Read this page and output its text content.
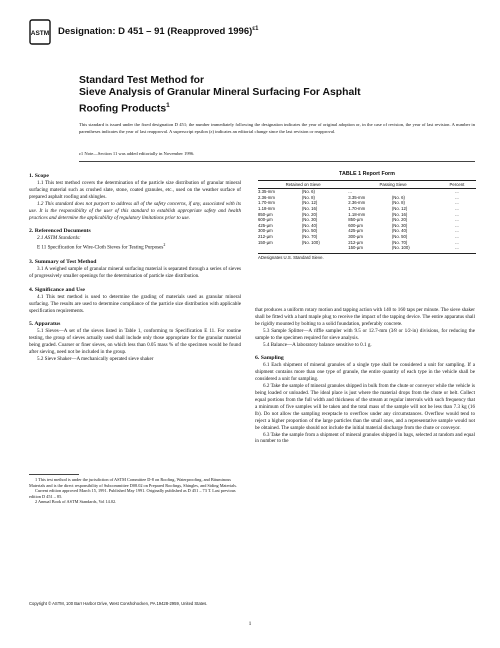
ASTM Designation: D 451 – 91 (Reapproved 1996)$^{\varepsilon 1}$
Standard Test Method for
Sieve Analysis of Granular Mineral Surfacing For Asphalt
Roofing Products$^1$
This standard is issued under the fixed designation D 451; the number immediately following the designation indicates the year of original adoption or, in the case of revision, the year of last revision. A number in parentheses indicates the year of last reapproval. A superscript epsilon (ε) indicates an editorial change since the last revision or reapproval.
ε1 Note—Section 11 was added editorially in November 1996.
1. Scope

1.1 This test method covers the determination of the particle size distribution of granular mineral surfacing material such as crushed slate, stone, coated granules, etc., used on the weather surface of prepared asphalt roofing and shingles.

1.2 This standard does not purport to address all of the safety concerns, if any, associated with its use. It is the responsibility of the user of this standard to establish appropriate safety and health practices and determine the applicability of regulatory limitations prior to use.

2. Referenced Documents

2.1 ASTM Standards:

E 11 Specification for Wire-Cloth Sieves for Testing Purposes$^2$

3. Summary of Test Method

3.1 A weighed sample of granular mineral surfacing material is separated through a series of sieves of progressively smaller openings for the determination of particle size distribution.

4. Significance and Use

4.1 This test method is used to determine the grading of materials used as granular mineral surfacing. The results are used to determine compliance of the particle size distribution with applicable specification requirements.

5. Apparatus

5.1 Sieves—A set of the sieves listed in Table 1, conforming to Specification E 11. For routine testing, the group of sieves actually used shall include only those appropriate for the granular material being graded. Coarser or finer sieves, on which less than 0.05 mass % of the specimen would be found after sieving, need not be included in the group.

5.2 Sieve Shaker—A mechanically operated sieve shaker

TABLE 1 Report Form
Retained on Sieve		Passing Sieve		Percent
3.35-mm	(No. 6)	...		...
2.36-mm	(No. 8)	3.35-mm	(No. 6)	...
1.70-mm	(No. 12)	2.36-mm	(No. 8)	...
1.18-mm	(No. 16)	1.70-mm	(No. 12)	...
850-µm	(No. 20)	1.18-mm	(No. 16)	...
600-µm	(No. 30)	850-µm	(No. 20)	...
425-µm	(No. 40)	600-µm	(No. 30)	...
300-µm	(No. 50)	425-µm	(No. 40)	...
212-µm	(No. 70)	300-µm	(No. 50)	...
150-µm	(No. 100)	212-µm	(No. 70)	...
		150-µm	(No. 100)	...
ADesignates U.S. Standard Sieve.

that produces a uniform rotary motion and tapping action with 140 to 160 taps per minute. The sieve shaker shall be fitted with a hard maple plug to receive the impact of the tapping device. The entire apparatus shall be rigidly mounted by bolting to a solid foundation, preferably concrete.

5.3 Sample Splitter—A riffle sampler with 9.5 or 12.7-mm (3⁄8 or 1⁄2-in) divisions, for reducing the sample to the specimen required for sieve analysis.

5.4 Balance—A laboratory balance sensitive to 0.1 g.

6. Sampling

6.1 Each shipment of mineral granules of a single type shall be considered a unit for sampling. If a shipment contains more than one type of granule, the entire quantity of each type in the vehicle shall be considered a unit for sampling.

6.2 Take the sample of mineral granules shipped in bulk from the chute or conveyor while the vehicle is being loaded or unloaded. The ideal place is just where the material drops from the chute or belt. Collect equal portions from the full width and thickness of the stream at regular intervals with such frequency that a minimum of five samples will be taken and the total mass of the sample will not be less than 7.3 kg (16 lb). Do not allow the sampling receptacle to overflow under any circumstances. Overflow would tend to reject a higher proportion of the large particles than the small ones, and a representative sample would not be obtained. The sample should not include the initial material discharge from the chute or conveyor.

6.3 Take the sample from a shipment of mineral granules shipped in bags, selected at random and equal in number to the

1 This test method is under the jurisdiction of ASTM Committee D-8 on Roofing, Waterproofing, and Bituminous Materials and is the direct responsibility of Subcommittee D08.02 on Prepared Roofings, Shingles, and Siding Materials.

Current edition approved March 15, 1991. Published May 1991. Originally published as D 451 – 73 T. Last previous edition D 451 – 85.

2 Annual Book of ASTM Standards, Vol 14.02.

Copyright © ASTM, 100 Barr Harbor Drive, West Conshohocken, PA 19428-2959, United States.
1
